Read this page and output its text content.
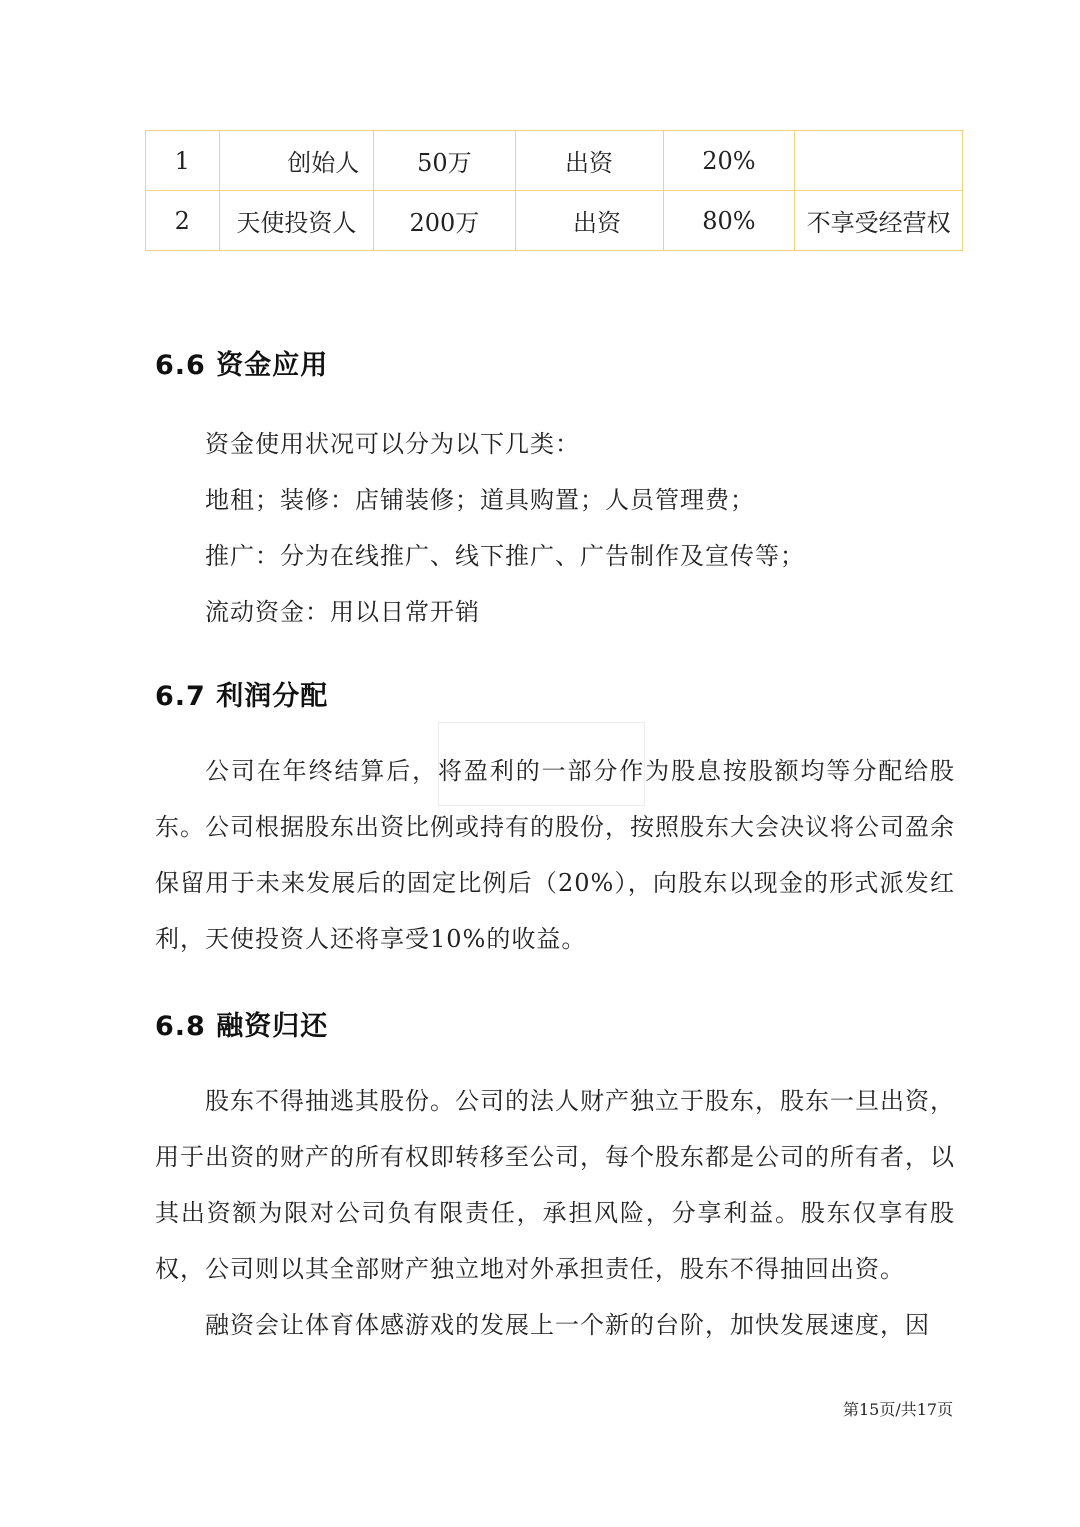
1	创始人	50万	出资	20%	
2	天使投资人	200万	出资	80%	不享受经营权
6.6 资金应用

资金使用状况可以分为以下几类：

地租；装修：店铺装修；道具购置；人员管理费；

推广：分为在线推广、线下推广、广告制作及宣传等；

流动资金：用以日常开销

6.7 利润分配

公司在年终结算后，将盈利的一部分作为股息按股额均等分配给股东。公司根据股东出资比例或持有的股份，按照股东大会决议将公司盈余保留用于未来发展后的固定比例后（20%），向股东以现金的形式派发红利，天使投资人还将享受10%的收益。

6.8 融资归还

股东不得抽逃其股份。公司的法人财产独立于股东，股东一旦出资，用于出资的财产的所有权即转移至公司，每个股东都是公司的所有者，以其出资额为限对公司负有限责任，承担风险，分享利益。股东仅享有股权，公司则以其全部财产独立地对外承担责任，股东不得抽回出资。

融资会让体育体感游戏的发展上一个新的台阶，加快发展速度，因

第15页/共17页
